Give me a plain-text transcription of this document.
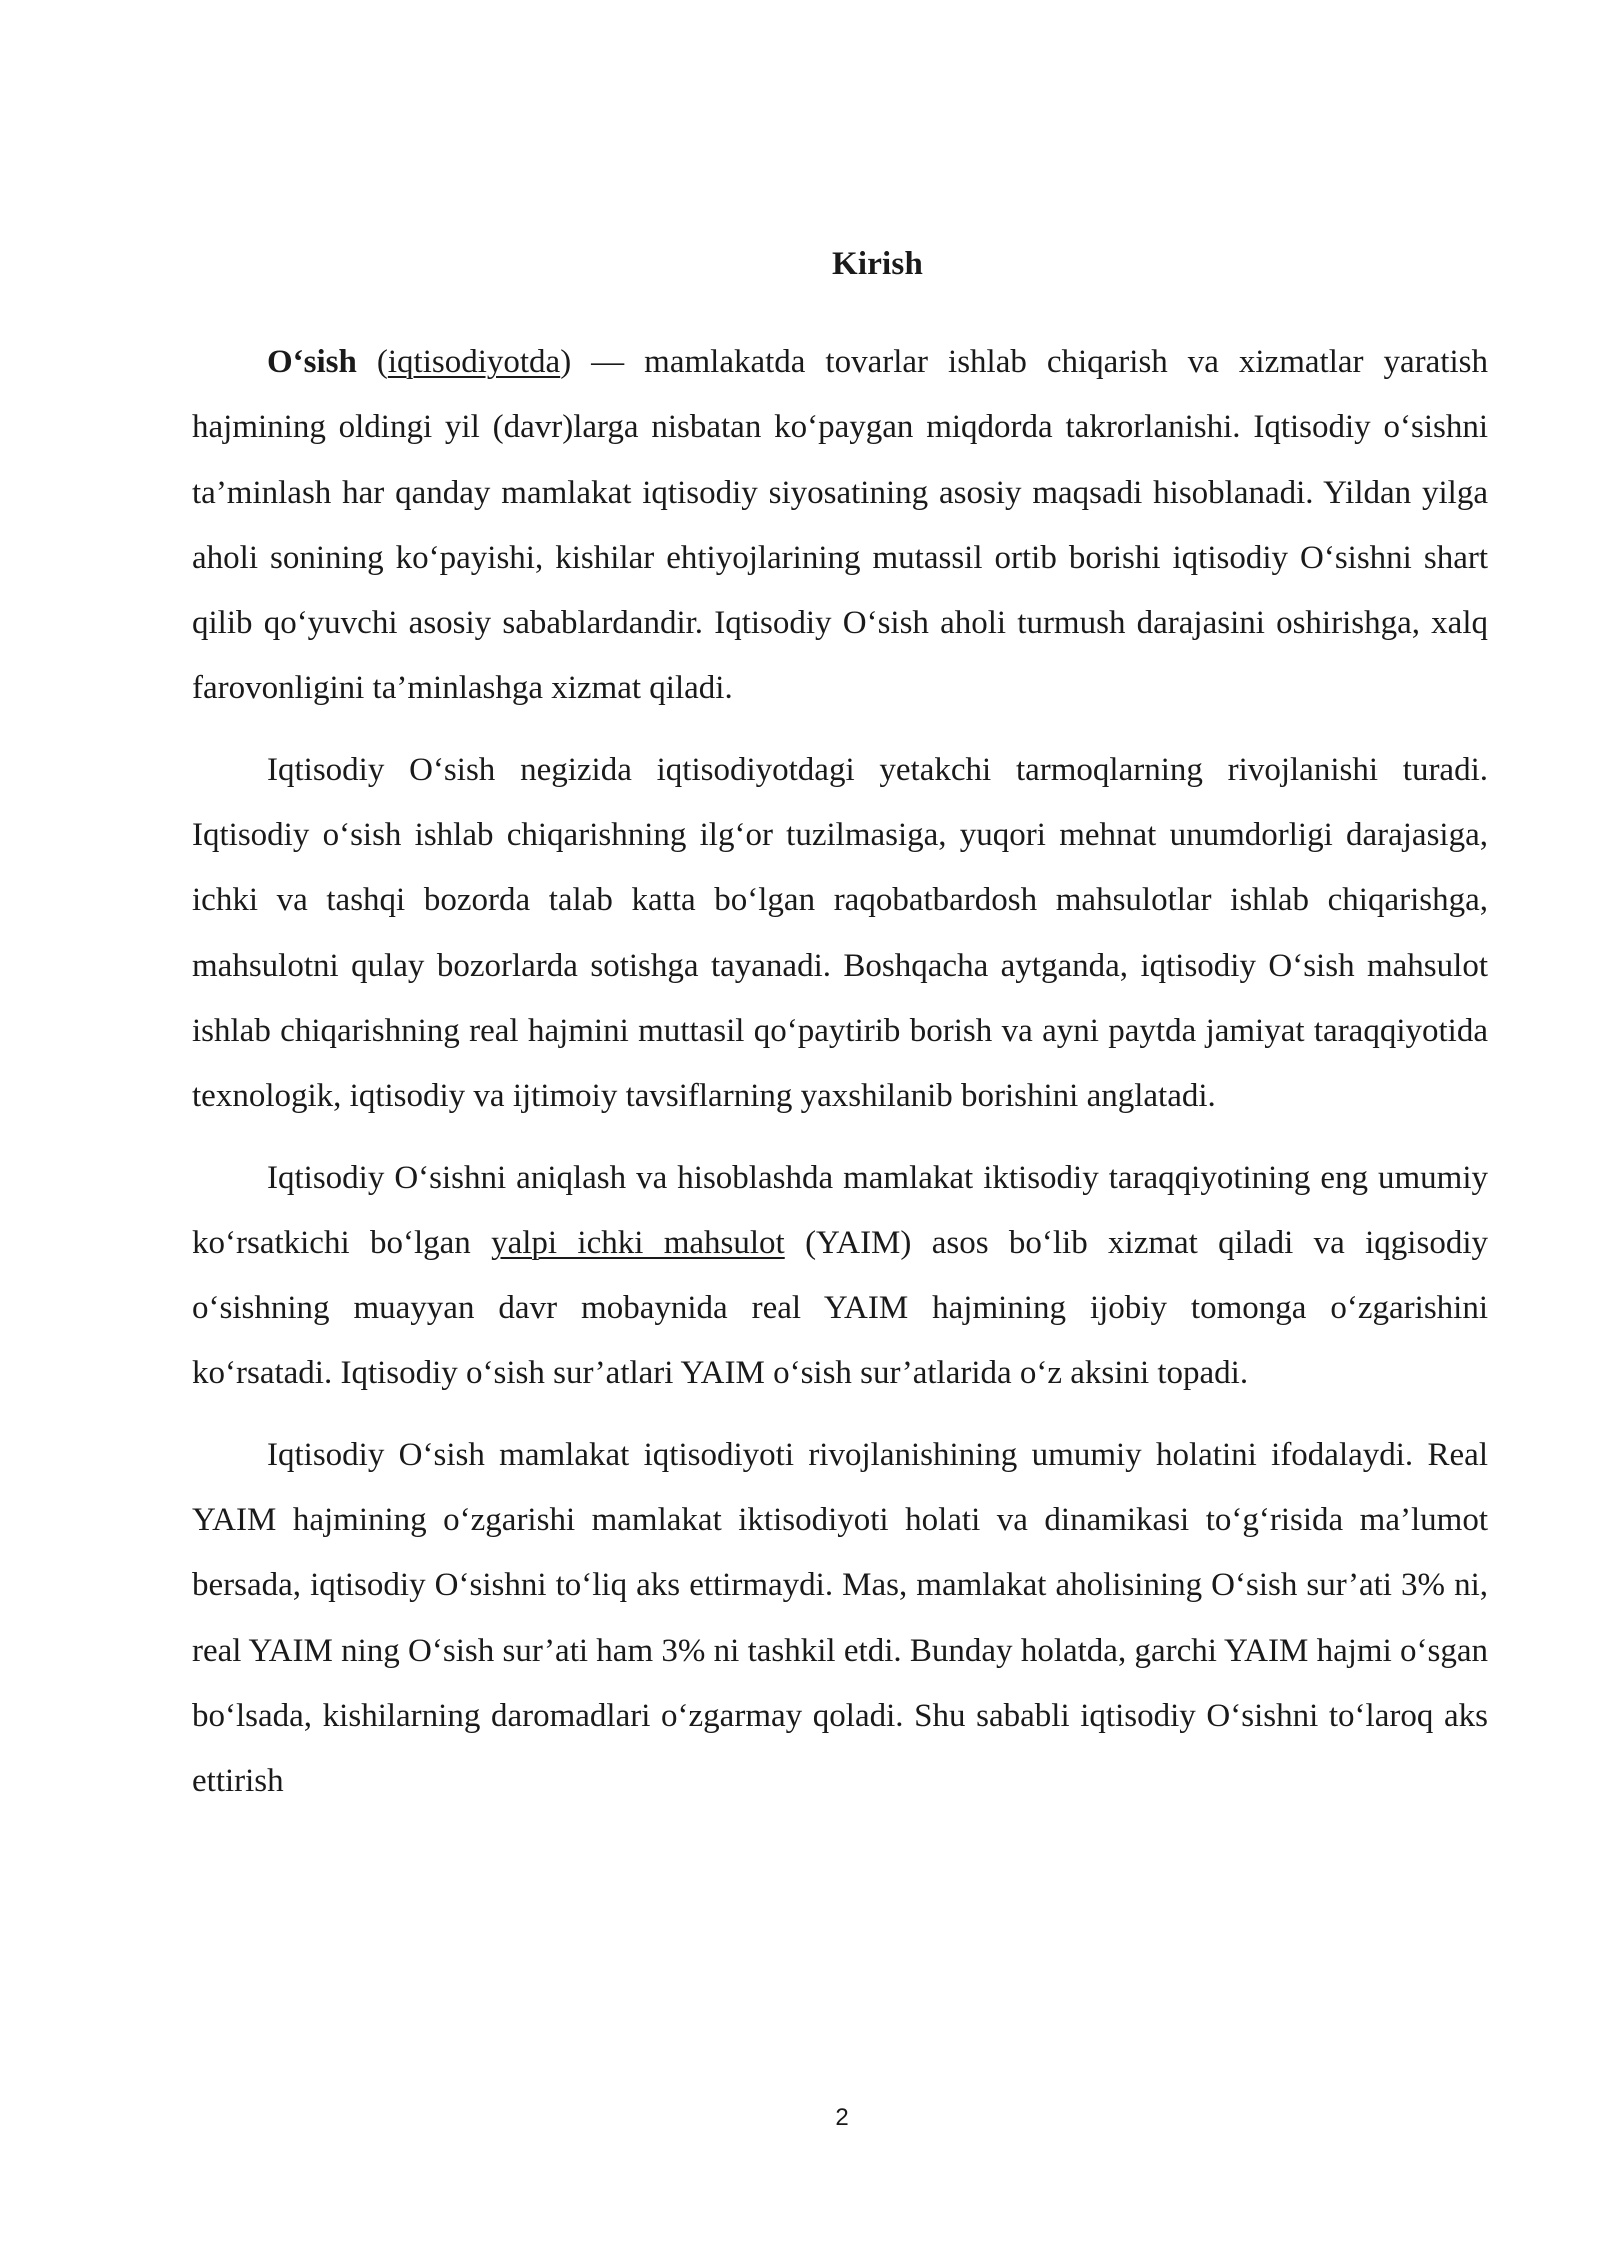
Kirish

O‘sish (iqtisodiyotda) — mamlakatda tovarlar ishlab chiqarish va xizmatlar yaratish hajmining oldingi yil (davr)larga nisbatan ko‘paygan miqdorda takrorlanishi. Iqtisodiy o‘sishni ta’minlash har qanday mamlakat iqtisodiy siyosatining asosiy maqsadi hisoblanadi. Yildan yilga aholi sonining ko‘payishi, kishilar ehtiyojlarining mutassil ortib borishi iqtisodiy O‘sishni shart qilib qo‘yuvchi asosiy sabablardandir. Iqtisodiy O‘sish aholi turmush darajasini oshirishga, xalq farovonligini ta’minlashga xizmat qiladi.

Iqtisodiy O‘sish negizida iqtisodiyotdagi yetakchi tarmoqlarning rivojlanishi turadi. Iqtisodiy o‘sish ishlab chiqarishning ilg‘or tuzilmasiga, yuqori mehnat unumdorligi darajasiga, ichki va tashqi bozorda talab katta bo‘lgan raqobatbardosh mahsulotlar ishlab chiqarishga, mahsulotni qulay bozorlarda sotishga tayanadi. Boshqacha aytganda, iqtisodiy O‘sish mahsulot ishlab chiqarishning real hajmini muttasil qo‘paytirib borish va ayni paytda jamiyat taraqqiyotida texnologik, iqtisodiy va ijtimoiy tavsiflarning yaxshilanib borishini anglatadi.

Iqtisodiy O‘sishni aniqlash va hisoblashda mamlakat iktisodiy taraqqiyotining eng umumiy ko‘rsatkichi bo‘lgan yalpi ichki mahsulot (YAIM) asos bo‘lib xizmat qiladi va iqgisodiy o‘sishning muayyan davr mobaynida real YAIM hajmining ijobiy tomonga o‘zgarishini ko‘rsatadi. Iqtisodiy o‘sish sur’atlari YAIM o‘sish sur’atlarida o‘z aksini topadi.

Iqtisodiy O‘sish mamlakat iqtisodiyoti rivojlanishining umumiy holatini ifodalaydi. Real YAIM hajmining o‘zgarishi mamlakat iktisodiyoti holati va dinamikasi to‘g‘risida ma’lumot bersada, iqtisodiy O‘sishni to‘liq aks ettirmaydi. Mas, mamlakat aholisining O‘sish sur’ati 3% ni, real YAIM ning O‘sish sur’ati ham 3% ni tashkil etdi. Bunday holatda, garchi YAIM hajmi o‘sgan bo‘lsada, kishilarning daromadlari o‘zgarmay qoladi. Shu sababli iqtisodiy O‘sishni to‘laroq aks ettirish

2
